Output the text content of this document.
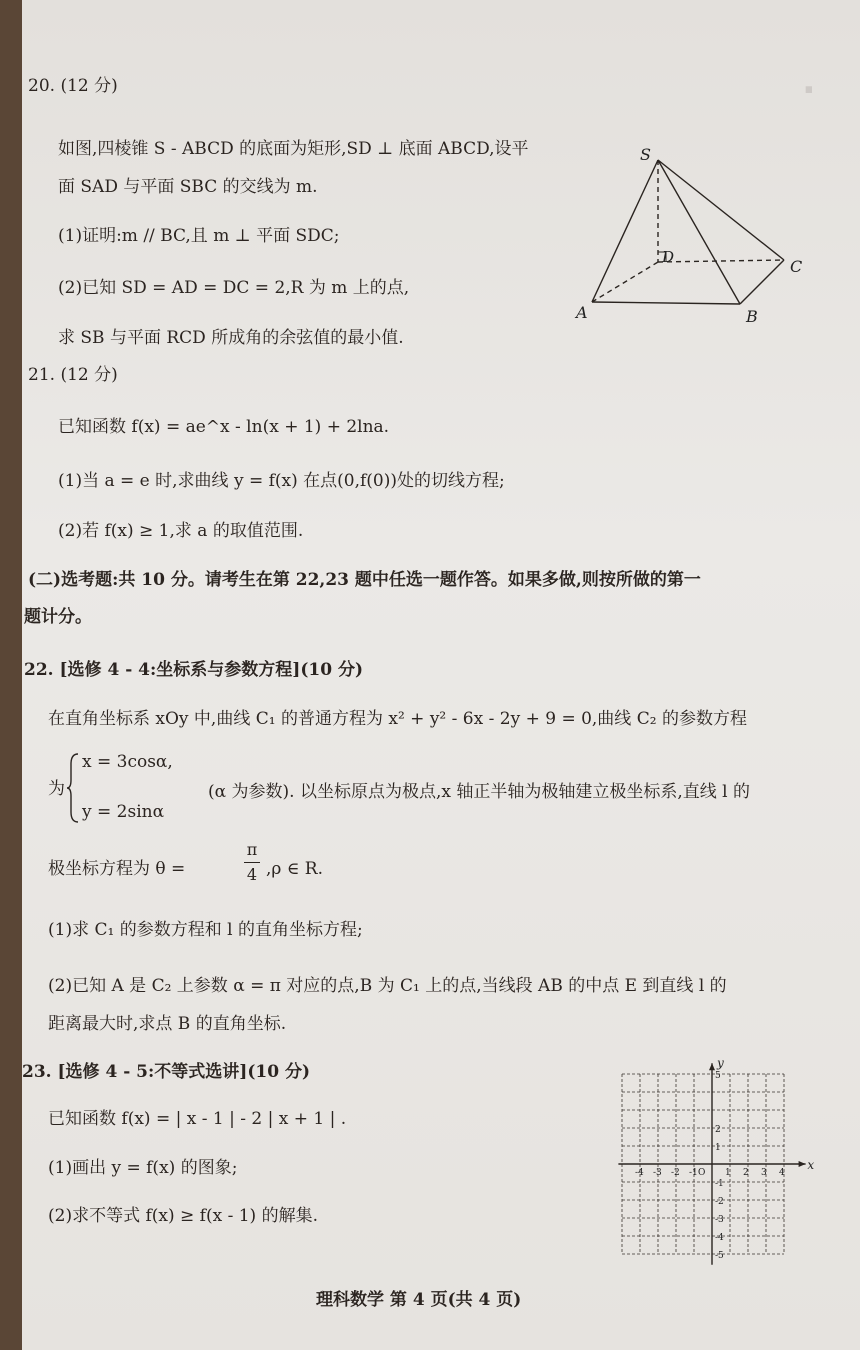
·
20. (12 分)
如图,四棱锥 S - ABCD 的底面为矩形,SD ⊥ 底面 ABCD,设平
面 SAD 与平面 SBC 的交线为 m.
(1)证明:m // BC,且 m ⊥ 平面 SDC;
(2)已知 SD = AD = DC = 2,R 为 m 上的点,
求 SB 与平面 RCD 所成角的余弦值的最小值.
S
D	C
A	B
21. (12 分)
已知函数 f(x) = ae^x - ln(x + 1) + 2lna.
(1)当 a = e 时,求曲线 y = f(x) 在点(0,f(0))处的切线方程;
(2)若 f(x) ≥ 1,求 a 的取值范围.
(二)选考题:共 10 分。请考生在第 22,23 题中任选一题作答。如果多做,则按所做的第一
题计分。
22. [选修 4 - 4:坐标系与参数方程](10 分)
在直角坐标系 xOy 中,曲线 C₁ 的普通方程为 x² + y² - 6x - 2y + 9 = 0,曲线 C₂ 的参数方程
为
x = 3cosα,
y = 2sinα
(α 为参数). 以坐标原点为极点,x 轴正半轴为极轴建立极坐标系,直线 l 的
极坐标方程为 θ =
π
4 ,ρ ∈ R.
(1)求 C₁ 的参数方程和 l 的直角坐标方程;
(2)已知 A 是 C₂ 上参数 α = π 对应的点,B 为 C₁ 上的点,当线段 AB 的中点 E 到直线 l 的
距离最大时,求点 B 的直角坐标.
23. [选修 4 - 5:不等式选讲](10 分)
已知函数 f(x) = | x - 1 | - 2 | x + 1 | .
(1)画出 y = f(x) 的图象;
(2)求不等式 f(x) ≥ f(x - 1) 的解集.
x
y
-4 -3 -2 -1 O 1 2 3 4
5
2
1
-1
-2
-3
-4
-5
理科数学 第 4 页(共 4 页)
